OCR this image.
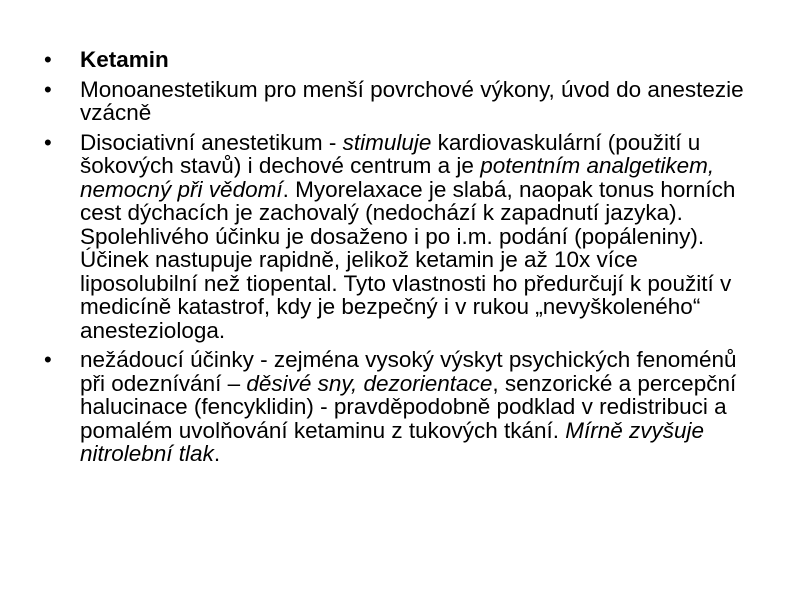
• Ketamin
• Monoanestetikum pro menší povrchové výkony, úvod do anestezie vzácně
• Disociativní anestetikum - stimuluje kardiovaskulární (použití u šokových stavů) i dechové centrum a je potentním analgetikem, nemocný při vědomí. Myorelaxace je slabá, naopak tonus horních cest dýchacích je zachovalý (nedochází k zapadnutí jazyka). Spolehlivého účinku je dosaženo i po i.m. podání (popáleniny). Účinek nastupuje rapidně, jelikož ketamin je až 10x více liposolubilní než tiopental. Tyto vlastnosti ho předurčují k použití v medicíně katastrof, kdy je bezpečný i v rukou „nevyškoleného“ anesteziologa.
• nežádoucí účinky - zejména vysoký výskyt psychických fenoménů při odeznívání – děsivé sny, dezorientace, senzorické a percepční halucinace (fencyklidin) - pravděpodobně podklad v redistribuci a pomalém uvolňování ketaminu z tukových tkání. Mírně zvyšuje nitrolební tlak.
